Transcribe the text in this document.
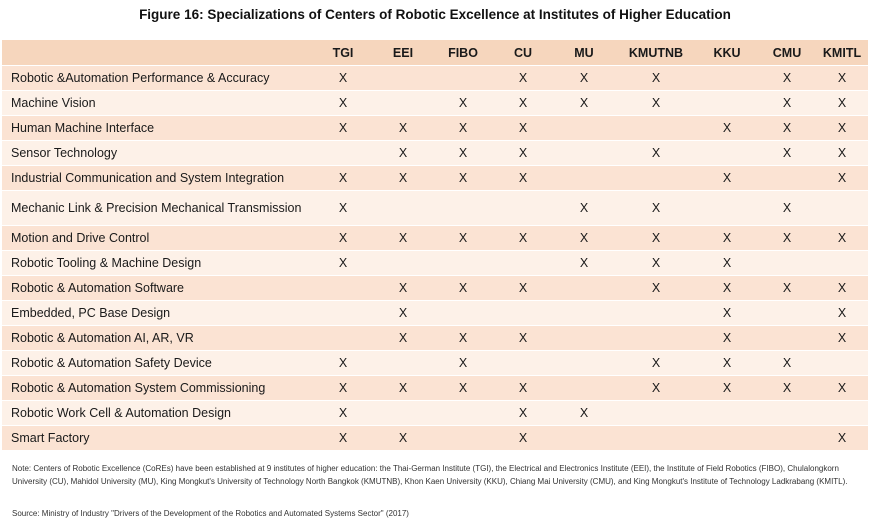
Figure 16: Specializations of Centers of Robotic Excellence at Institutes of Higher Education
	TGI	EEI	FIBO	CU	MU	KMUTNB	KKU	CMU	KMITL
Robotic &Automation Performance & Accuracy	X			X	X	X		X	X
Machine Vision	X		X	X	X	X		X	X
Human Machine Interface	X	X	X	X			X	X	X
Sensor Technology		X	X	X		X		X	X
Industrial Communication and System Integration	X	X	X	X			X		X
Mechanic Link & Precision Mechanical Transmission	X				X	X		X	
Motion and Drive Control	X	X	X	X	X	X	X	X	X
Robotic Tooling & Machine Design	X				X	X	X		
Robotic & Automation Software		X	X	X		X	X	X	X
Embedded, PC Base Design		X					X		X
Robotic & Automation AI, AR, VR		X	X	X			X		X
Robotic & Automation Safety Device	X		X			X	X	X	
Robotic & Automation System Commissioning	X	X	X	X		X	X	X	X
Robotic Work Cell & Automation Design	X			X	X				
Smart Factory	X	X		X					X
Note: Centers of Robotic Excellence (CoREs) have been established at 9 institutes of higher education: the Thai-German Institute (TGI), the Electrical and Electronics Institute (EEI), the Institute of Field Robotics (FIBO), Chulalongkorn University (CU), Mahidol University (MU), King Mongkut's University of Technology North Bangkok (KMUTNB), Khon Kaen University (KKU), Chiang Mai University (CMU), and King Mongkut's Institute of Technology Ladkrabang (KMITL).
Source: Ministry of Industry "Drivers of the Development of the Robotics and Automated Systems Sector" (2017)
